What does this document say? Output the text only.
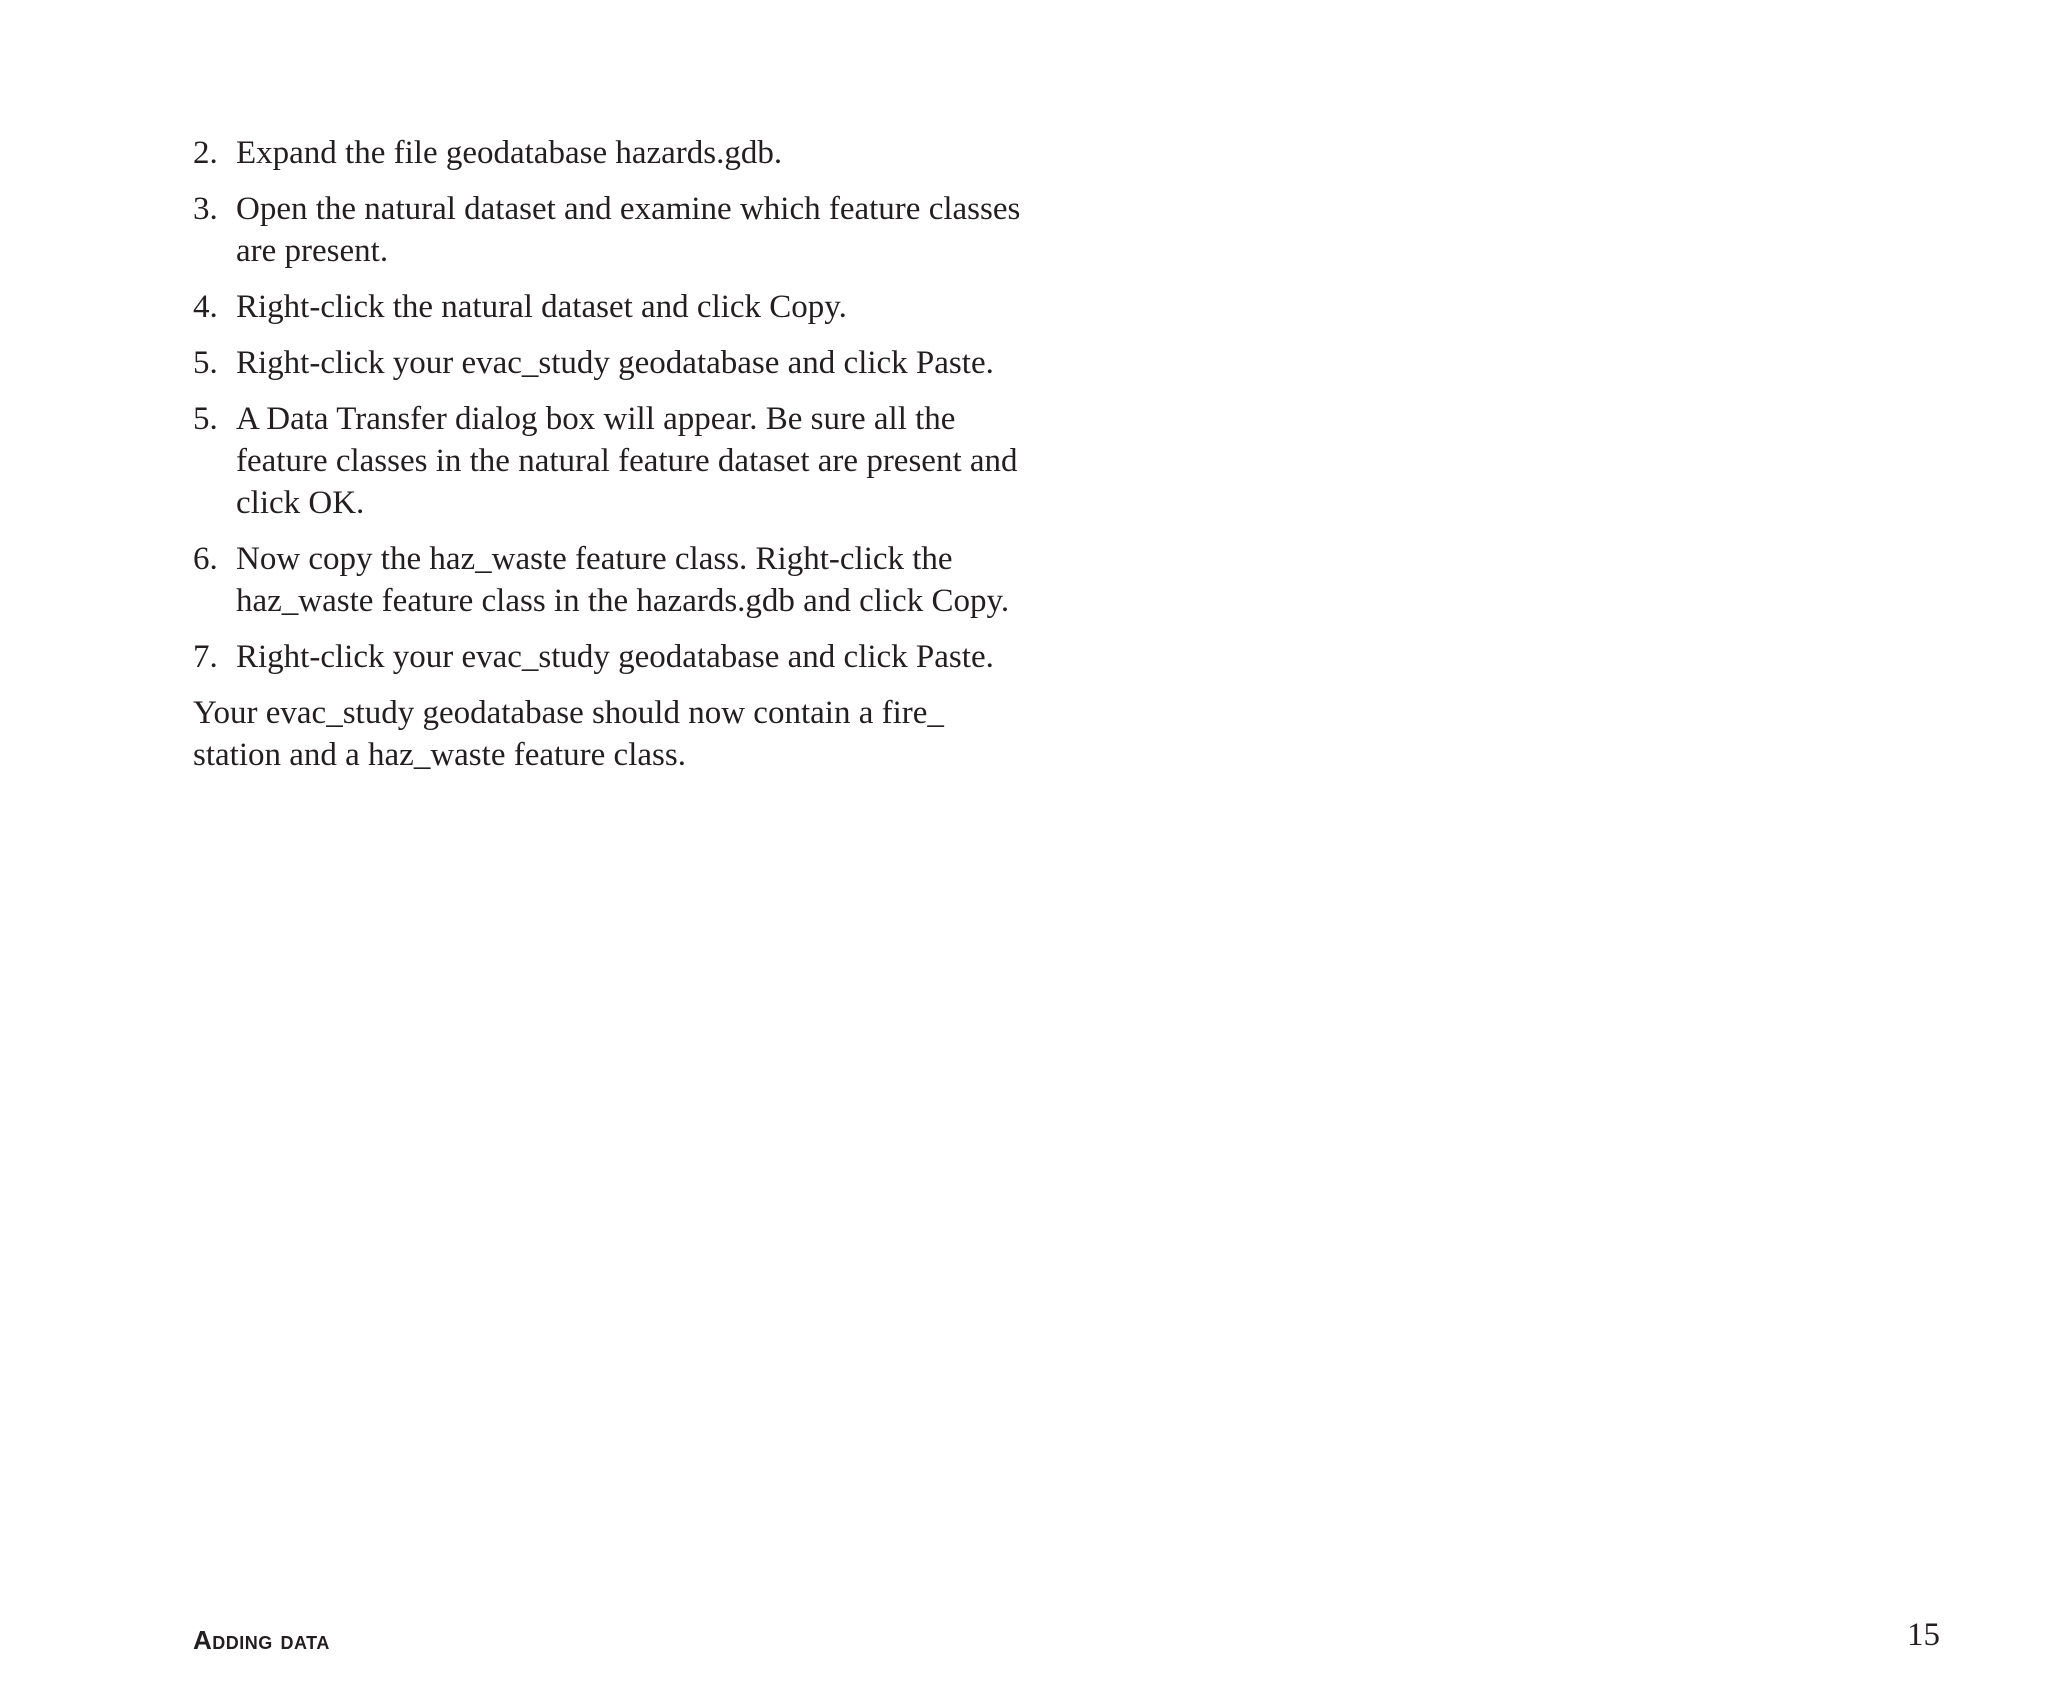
2. Expand the file geodatabase hazards.gdb.
3. Open the natural dataset and examine which feature classes are present.
4. Right-click the natural dataset and click Copy.
5. Right-click your evac_study geodatabase and click Paste.
5. A Data Transfer dialog box will appear. Be sure all the feature classes in the natural feature dataset are present and click OK.
6. Now copy the haz_waste feature class. Right-click the haz_waste feature class in the hazards.gdb and click Copy.
7. Right-click your evac_study geodatabase and click Paste.

Your evac_study geodatabase should now contain a fire_ station and a haz_waste feature class.

Adding data	15
